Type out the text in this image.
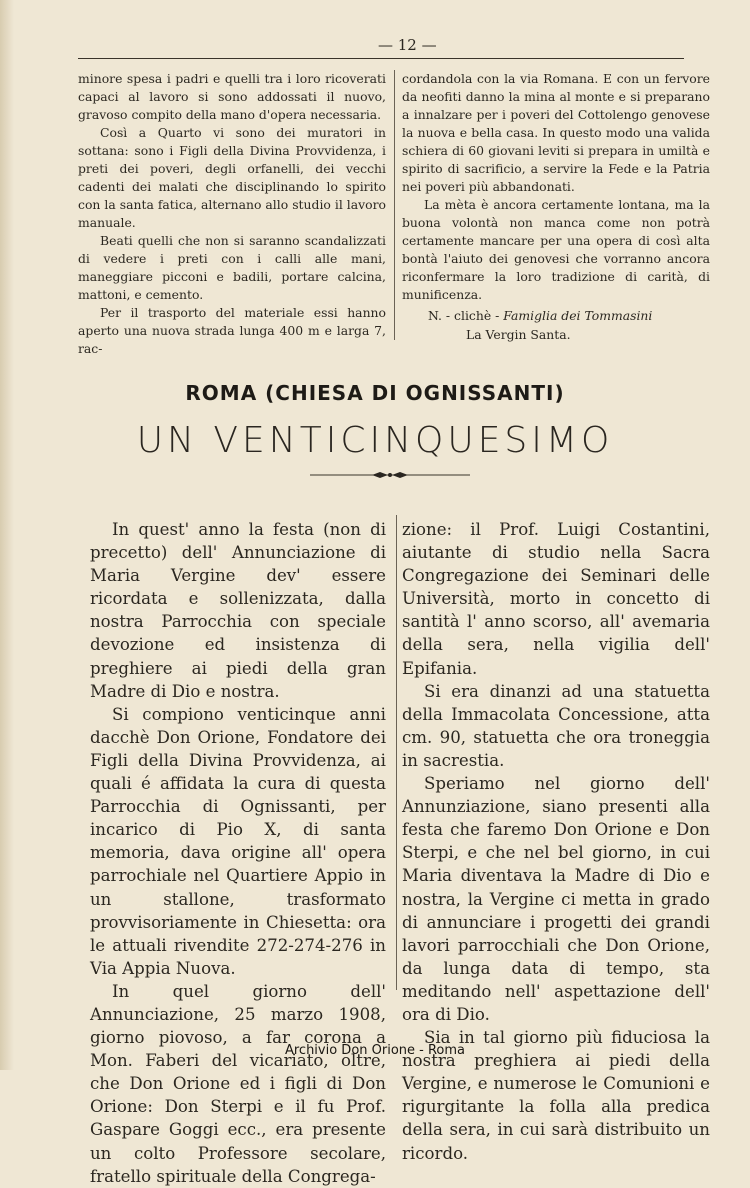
— 12 —

minore spesa i padri e quelli tra i loro ricoverati capaci al lavoro si sono addossati il nuovo, gravoso compito della mano d'opera necessaria.

Così a Quarto vi sono dei muratori in sottana: sono i Figli della Divina Provvidenza, i preti dei poveri, degli orfanelli, dei vecchi cadenti dei malati che disciplinando lo spirito con la santa fatica, alternano allo studio il lavoro manuale.

Beati quelli che non si saranno scandalizzati di vedere i preti con i calli alle mani, maneggiare picconi e badili, portare calcina, mattoni, e cemento.

Per il trasporto del materiale essi hanno aperto una nuova strada lunga 400 m e larga 7, rac-

cordandola con la via Romana. E con un fervore da neofiti danno la mina al monte e si preparano a innalzare per i poveri del Cottolengo genovese la nuova e bella casa. In questo modo una valida schiera di 60 giovani leviti si prepara in umiltà e spirito di sacrificio, a servire la Fede e la Patria nei poveri più abbandonati.

La mèta è ancora certamente lontana, ma la buona volontà non manca come non potrà certamente mancare per una opera di così alta bontà l'aiuto dei genovesi che vorranno ancora riconfermare la loro tradizione di carità, di munificenza.

N. - clichè - Famiglia dei Tommasini
La Vergin Santa.
ROMA (CHIESA DI OGNISSANTI)
UN VENTICINQUESIMO

In quest' anno la festa (non di precetto) dell' Annunciazione di Maria Vergine dev' essere ricordata e sollenizzata, dalla nostra Parrocchia con speciale devozione ed insistenza di preghiere ai piedi della gran Madre di Dio e nostra.

Si compiono venticinque anni dacchè Don Orione, Fondatore dei Figli della Divina Provvidenza, ai quali é affidata la cura di questa Parrocchia di Ognissanti, per incarico di Pio X, di santa memoria, dava origine all' opera parrochiale nel Quartiere Appio in un stallone, trasformato provvisoriamente in Chiesetta: ora le attuali rivendite 272-274-276 in Via Appia Nuova.

In quel giorno dell' Annunciazione, 25 marzo 1908, giorno piovoso, a far corona a Mon. Faberi del vicariato, oltre, che Don Orione ed i figli di Don Orione: Don Sterpi e il fu Prof. Gaspare Goggi ecc., era presente un colto Professore secolare, fratello spirituale della Congrega-

zione: il Prof. Luigi Costantini, aiutante di studio nella Sacra Congregazione dei Seminari delle Università, morto in concetto di santità l' anno scorso, all' avemaria della sera, nella vigilia dell' Epifania.

Si era dinanzi ad una statuetta della Immacolata Concessione, atta cm. 90, statuetta che ora troneggia in sacrestia.

Speriamo nel giorno dell' Annunziazione, siano presenti alla festa che faremo Don Orione e Don Sterpi, e che nel bel giorno, in cui Maria diventava la Madre di Dio e nostra, la Vergine ci metta in grado di annunciare i progetti dei grandi lavori parrocchiali che Don Orione, da lunga data di tempo, sta meditando nell' aspettazione dell' ora di Dio.

Sia in tal giorno più fiduciosa la nostra preghiera ai piedi della Vergine, e numerose le Comunioni e rigurgitante la folla alla predica della sera, in cui sarà distribuito un ricordo.

Archivio Don Orione - Roma
